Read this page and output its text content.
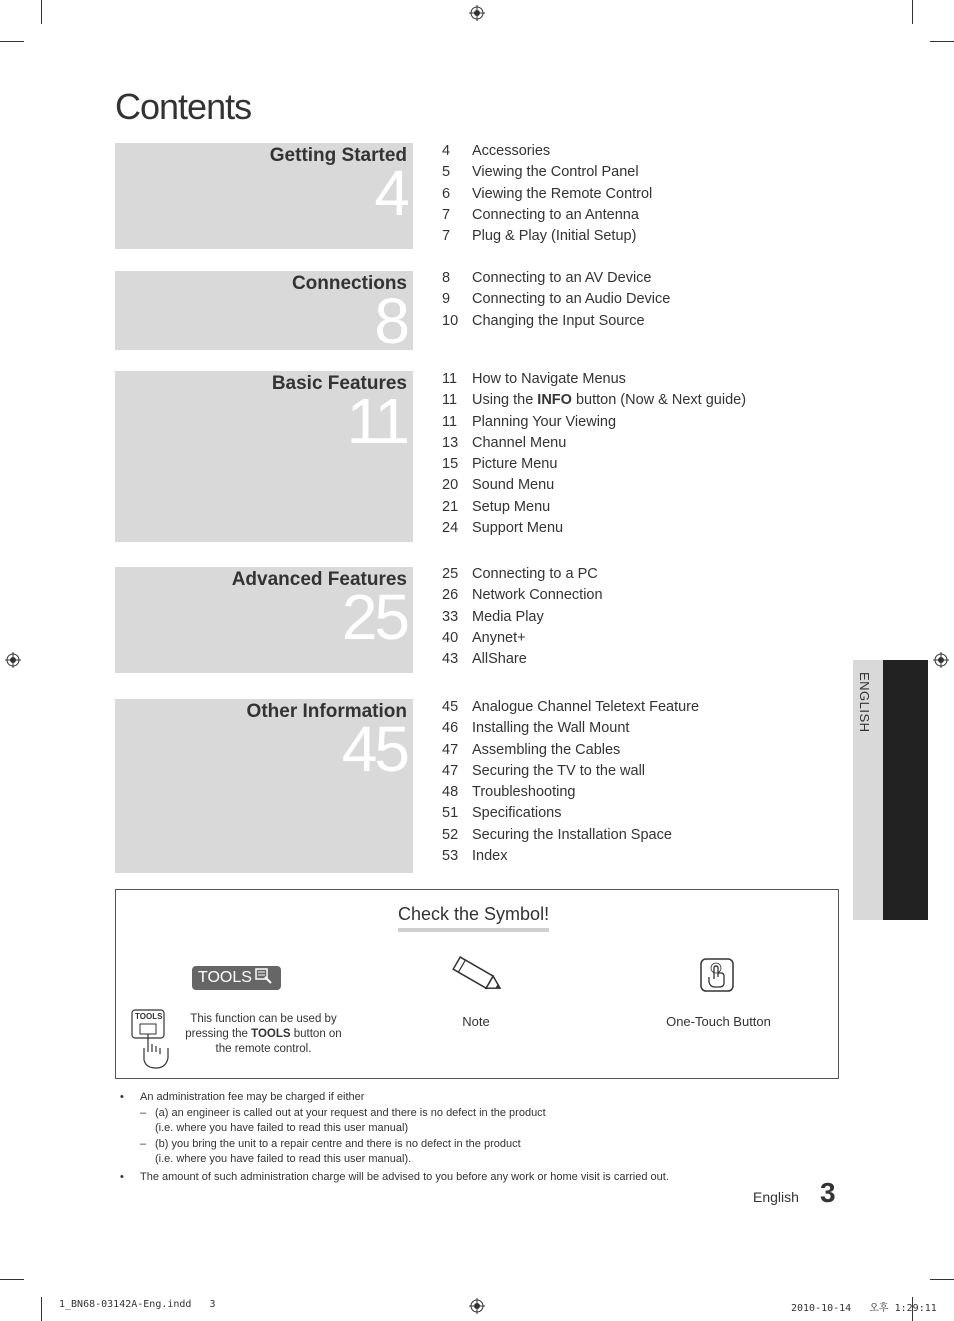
Contents
Getting Started
4
4	Accessories
5	Viewing the Control Panel
6	Viewing the Remote Control
7	Connecting to an Antenna
7	Plug & Play (Initial Setup)
Connections
8
8	Connecting to an AV Device
9	Connecting to an Audio Device
10 Changing the Input Source
Basic Features
11
11	How to Navigate Menus
11	Using the INFO button (Now & Next guide)
11	Planning Your Viewing
13 Channel Menu
15 Picture Menu
20 Sound Menu
21 Setup Menu
24 Support Menu
Advanced Features
25
25 Connecting to a PC
26 Network Connection
33 Media Play
40 Anynet+
43 AllShare
Other Information
45
45 Analogue Channel Teletext Feature
46 Installing the Wall Mount
47 Assembling the Cables
47 Securing the TV to the wall
48 Troubleshooting
51 Specifications
52 Securing the Installation Space
53 Index
ENGLISH
Check the Symbol!
TOOLS
TOOLS	This function can be used by pressing the TOOLS button on the remote control.
Note	One-Touch Button
•	An administration fee may be charged if either
– (a) an engineer is called out at your request and there is no defect in the product
(i.e. where you have failed to read this user manual)
– (b) you bring the unit to a repair centre and there is no defect in the product
(i.e. where you have failed to read this user manual).
•	The amount of such administration charge will be advised to you before any work or home visit is carried out.
English 3
1_BN68-03142A-Eng.indd   3	2010-10-14   오후 1:29:11
